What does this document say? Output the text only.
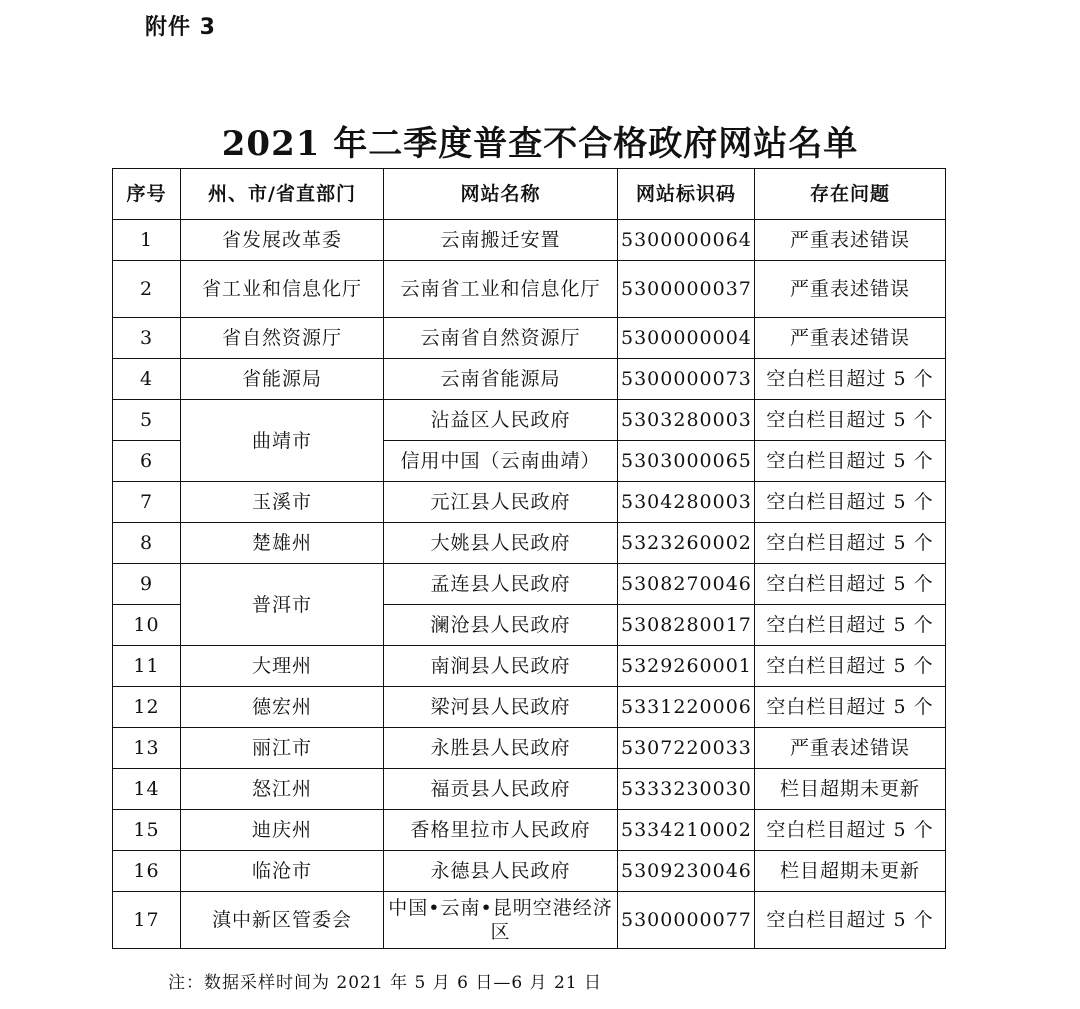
附件 3
2021 年二季度普查不合格政府网站名单
序号	州、市/省直部门	网站名称	网站标识码	存在问题
1	省发展改革委	云南搬迁安置	5300000064	严重表述错误
2	省工业和信息化厅	云南省工业和信息化厅	5300000037	严重表述错误
3	省自然资源厅	云南省自然资源厅	5300000004	严重表述错误
4	省能源局	云南省能源局	5300000073	空白栏目超过 5 个
5	曲靖市	沾益区人民政府	5303280003	空白栏目超过 5 个
6		信用中国（云南曲靖）	5303000065	空白栏目超过 5 个
7	玉溪市	元江县人民政府	5304280003	空白栏目超过 5 个
8	楚雄州	大姚县人民政府	5323260002	空白栏目超过 5 个
9	普洱市	孟连县人民政府	5308270046	空白栏目超过 5 个
10		澜沧县人民政府	5308280017	空白栏目超过 5 个
11	大理州	南涧县人民政府	5329260001	空白栏目超过 5 个
12	德宏州	梁河县人民政府	5331220006	空白栏目超过 5 个
13	丽江市	永胜县人民政府	5307220033	严重表述错误
14	怒江州	福贡县人民政府	5333230030	栏目超期未更新
15	迪庆州	香格里拉市人民政府	5334210002	空白栏目超过 5 个
16	临沧市	永德县人民政府	5309230046	栏目超期未更新
17	滇中新区管委会	中国•云南•昆明空港经济区	5300000077	空白栏目超过 5 个
注：数据采样时间为 2021 年 5 月 6 日—6 月 21 日
